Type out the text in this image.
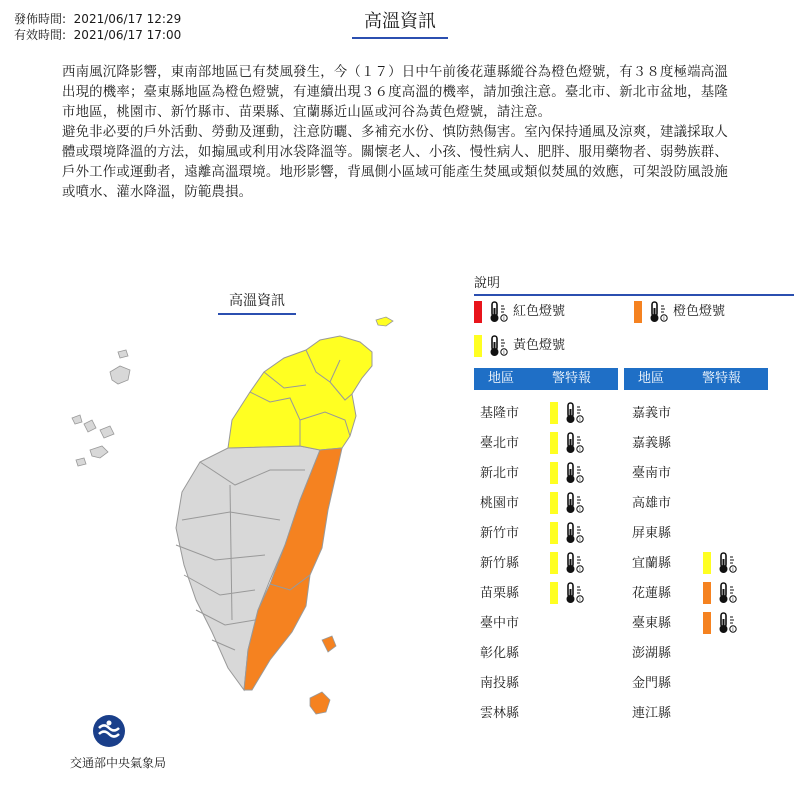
發佈時間:  2021/06/17 12:29
有效時間:  2021/06/17 17:00
高溫資訊

西南風沉降影響，東南部地區已有焚風發生，今（１７）日中午前後花蓮縣縱谷為橙色燈號，有３８度極端高溫出現的機率；臺東縣地區為橙色燈號，有連續出現３６度高溫的機率，請加強注意。臺北市、新北市盆地，基隆市地區，桃園市、新竹縣市、苗栗縣、宜蘭縣近山區或河谷為黃色燈號，請注意。

避免非必要的戶外活動、勞動及運動，注意防曬、多補充水份、慎防熱傷害。室內保持通風及涼爽，建議採取人體或環境降溫的方法，如搧風或利用冰袋降溫等。關懷老人、小孩、慢性病人、肥胖、服用藥物者、弱勢族群、戶外工作或運動者，遠離高溫環境。地形影響，背風側小區域可能產生焚風或類似焚風的效應，可架設防風設施或噴水、灌水降溫，防範農損。

高溫資訊
交通部中央氣象局
說明
i 紅色燈號	i 橙色燈號
i 黃色燈號
地區	警特報	地區	警特報
基隆市	i
臺北市	i
新北市	i
桃園市	i
新竹市	i
新竹縣	i
苗栗縣	i
臺中市
彰化縣
南投縣
雲林縣
嘉義市
嘉義縣
臺南市
高雄市
屏東縣
宜蘭縣	i
花蓮縣	i
臺東縣	i
澎湖縣
金門縣
連江縣
